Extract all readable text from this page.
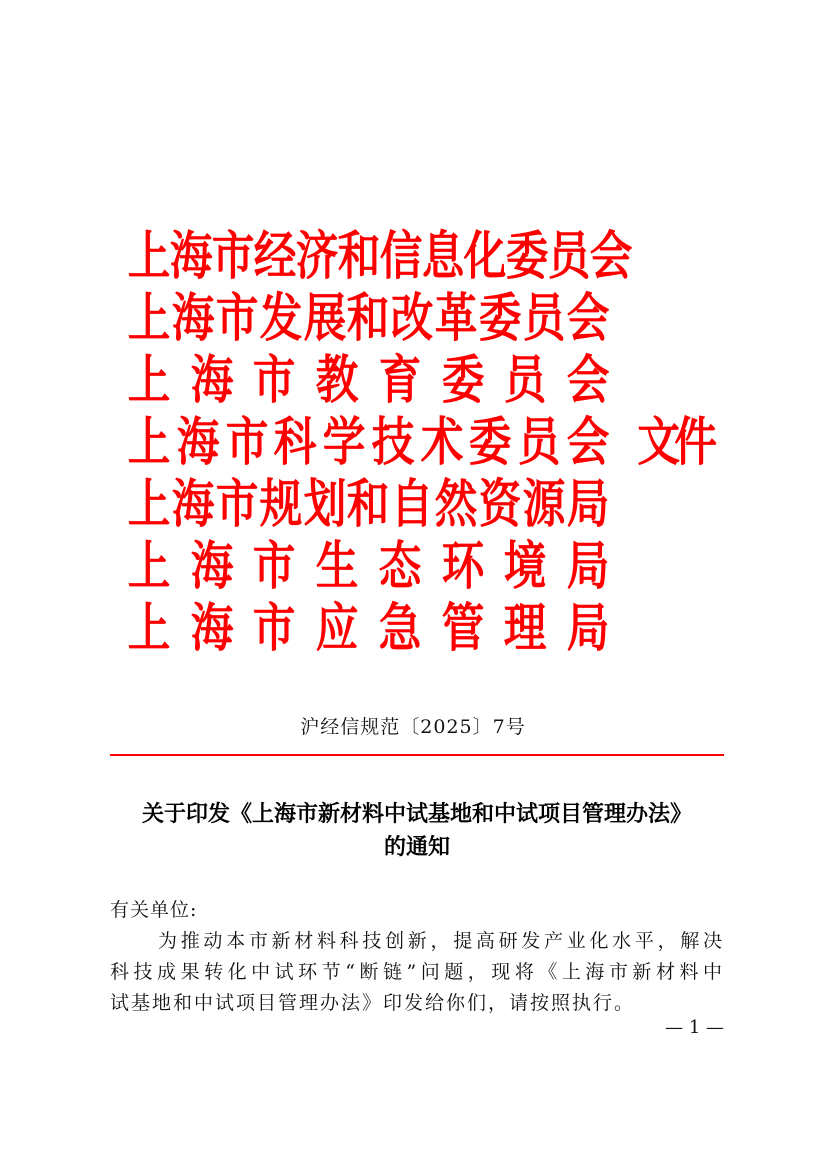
上 海 市 经 济 和 信 息 化 委 员 会
上 海 市 发 展 和 改 革 委 员 会
上 海 市 教 育 委 员 会
上 海 市 科 学 技 术 委 员 会 文件
上 海 市 规 划 和 自 然 资 源 局
上 海 市 生 态 环 境 局
上 海 市 应 急 管 理 局
沪经信规范〔2025〕7号
关于印发《上海市新材料中试基地和中试项目管理办法》
的通知
有关单位:
为推动本市新材料科技创新，提高研发产业化水平，解决
科技成果转化中试环节“断链”问题，现将《上海市新材料中
试基地和中试项目管理办法》印发给你们，请按照执行。
— 1 —
